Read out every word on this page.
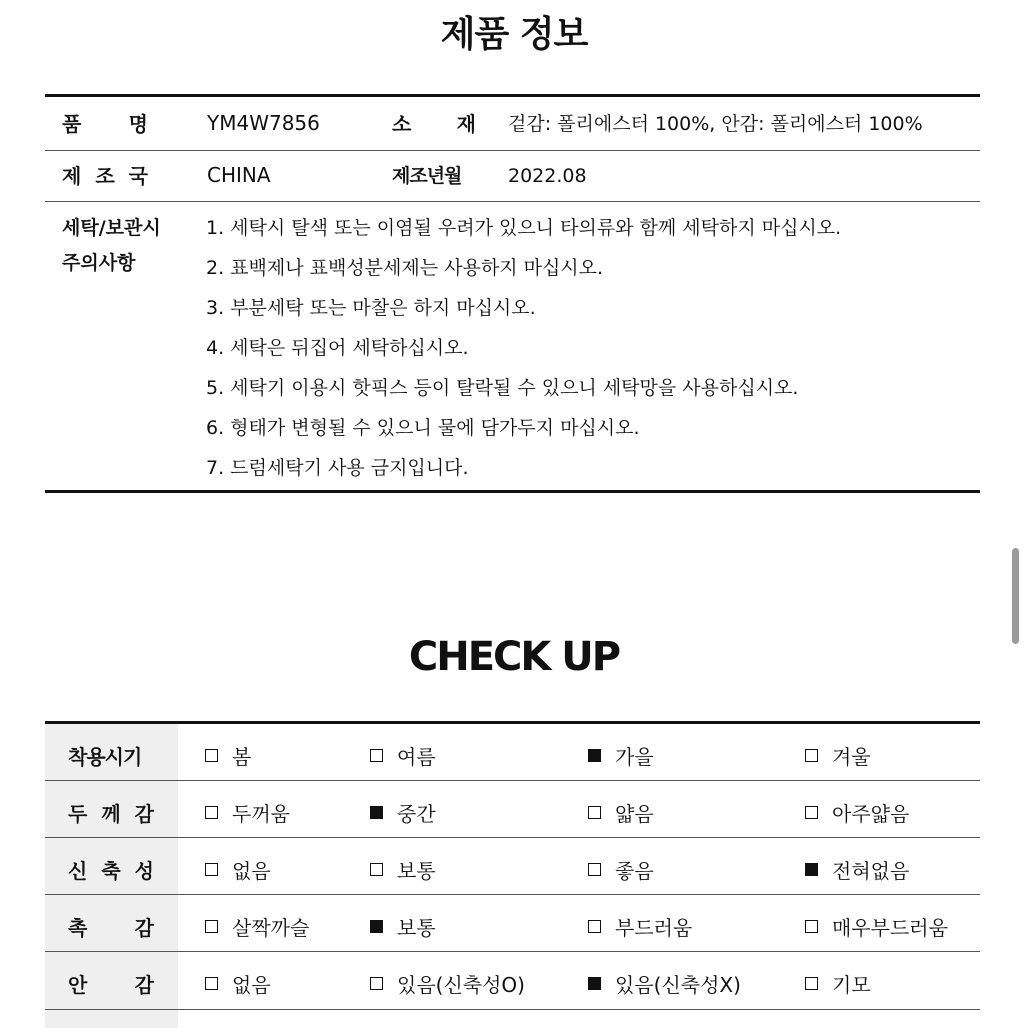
제품 정보
품 명	YM4W7856	소 재 겉감: 폴리에스터 100%, 안감: 폴리에스터 100%
제 조 국	CHINA	제조년월 2022.08
세탁/보관시
주의사항
1. 세탁시 탈색 또는 이염될 우려가 있으니 타의류와 함께 세탁하지 마십시오.
2. 표백제나 표백성분세제는 사용하지 마십시오.
3. 부분세탁 또는 마찰은 하지 마십시오.
4. 세탁은 뒤집어 세탁하십시오.
5. 세탁기 이용시 핫픽스 등이 탈락될 수 있으니 세탁망을 사용하십시오.
6. 형태가 변형될 수 있으니 물에 담가두지 마십시오.
7. 드럼세탁기 사용 금지입니다.
CHECK UP
착용시기	봄	여름	가을	겨울
두 께 감	두꺼움	중간	얇음	아주얇음
신 축 성	없음	보통	좋음	전혀없음
촉 감	살짝까슬	보통	부드러움	매우부드러움
안 감	없음	있음(신축성O)	있음(신축성X)	기모
